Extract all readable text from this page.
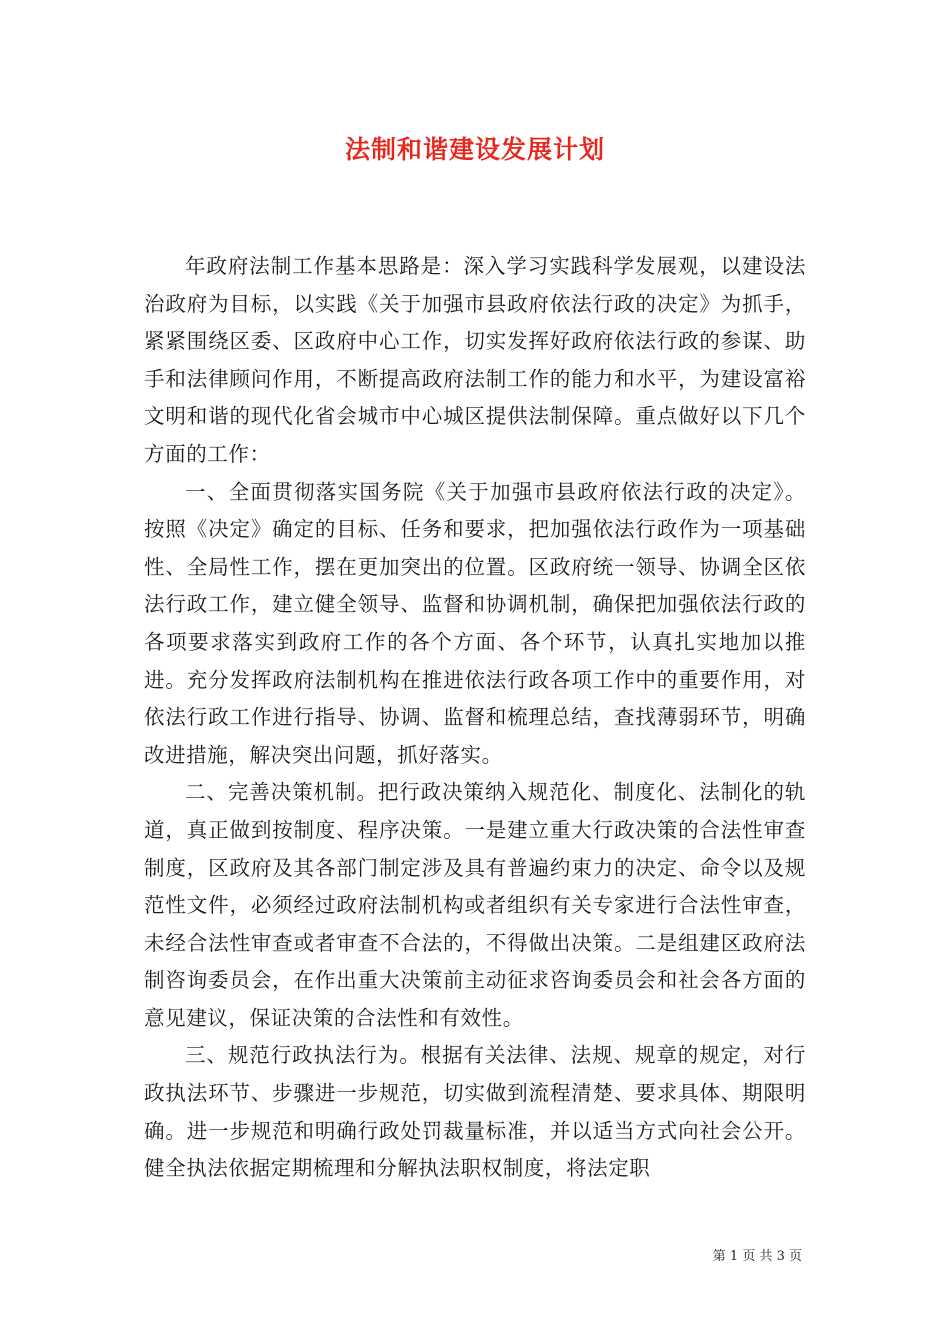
法制和谐建设发展计划

年政府法制工作基本思路是：深入学习实践科学发展观，以建设法治政府为目标，以实践《关于加强市县政府依法行政的决定》为抓手，紧紧围绕区委、区政府中心工作，切实发挥好政府依法行政的参谋、助手和法律顾问作用，不断提高政府法制工作的能力和水平，为建设富裕文明和谐的现代化省会城市中心城区提供法制保障。重点做好以下几个方面的工作：

一、全面贯彻落实国务院《关于加强市县政府依法行政的决定》。按照《决定》确定的目标、任务和要求，把加强依法行政作为一项基础性、全局性工作，摆在更加突出的位置。区政府统一领导、协调全区依法行政工作，建立健全领导、监督和协调机制，确保把加强依法行政的各项要求落实到政府工作的各个方面、各个环节，认真扎实地加以推进。充分发挥政府法制机构在推进依法行政各项工作中的重要作用，对依法行政工作进行指导、协调、监督和梳理总结，查找薄弱环节，明确改进措施，解决突出问题，抓好落实。

二、完善决策机制。把行政决策纳入规范化、制度化、法制化的轨道，真正做到按制度、程序决策。一是建立重大行政决策的合法性审查制度，区政府及其各部门制定涉及具有普遍约束力的决定、命令以及规范性文件，必须经过政府法制机构或者组织有关专家进行合法性审查，未经合法性审查或者审查不合法的，不得做出决策。二是组建区政府法制咨询委员会，在作出重大决策前主动征求咨询委员会和社会各方面的意见建议，保证决策的合法性和有效性。

三、规范行政执法行为。根据有关法律、法规、规章的规定，对行政执法环节、步骤进一步规范，切实做到流程清楚、要求具体、期限明确。进一步规范和明确行政处罚裁量标准，并以适当方式向社会公开。健全执法依据定期梳理和分解执法职权制度，将法定职

第 1 页 共 3 页
